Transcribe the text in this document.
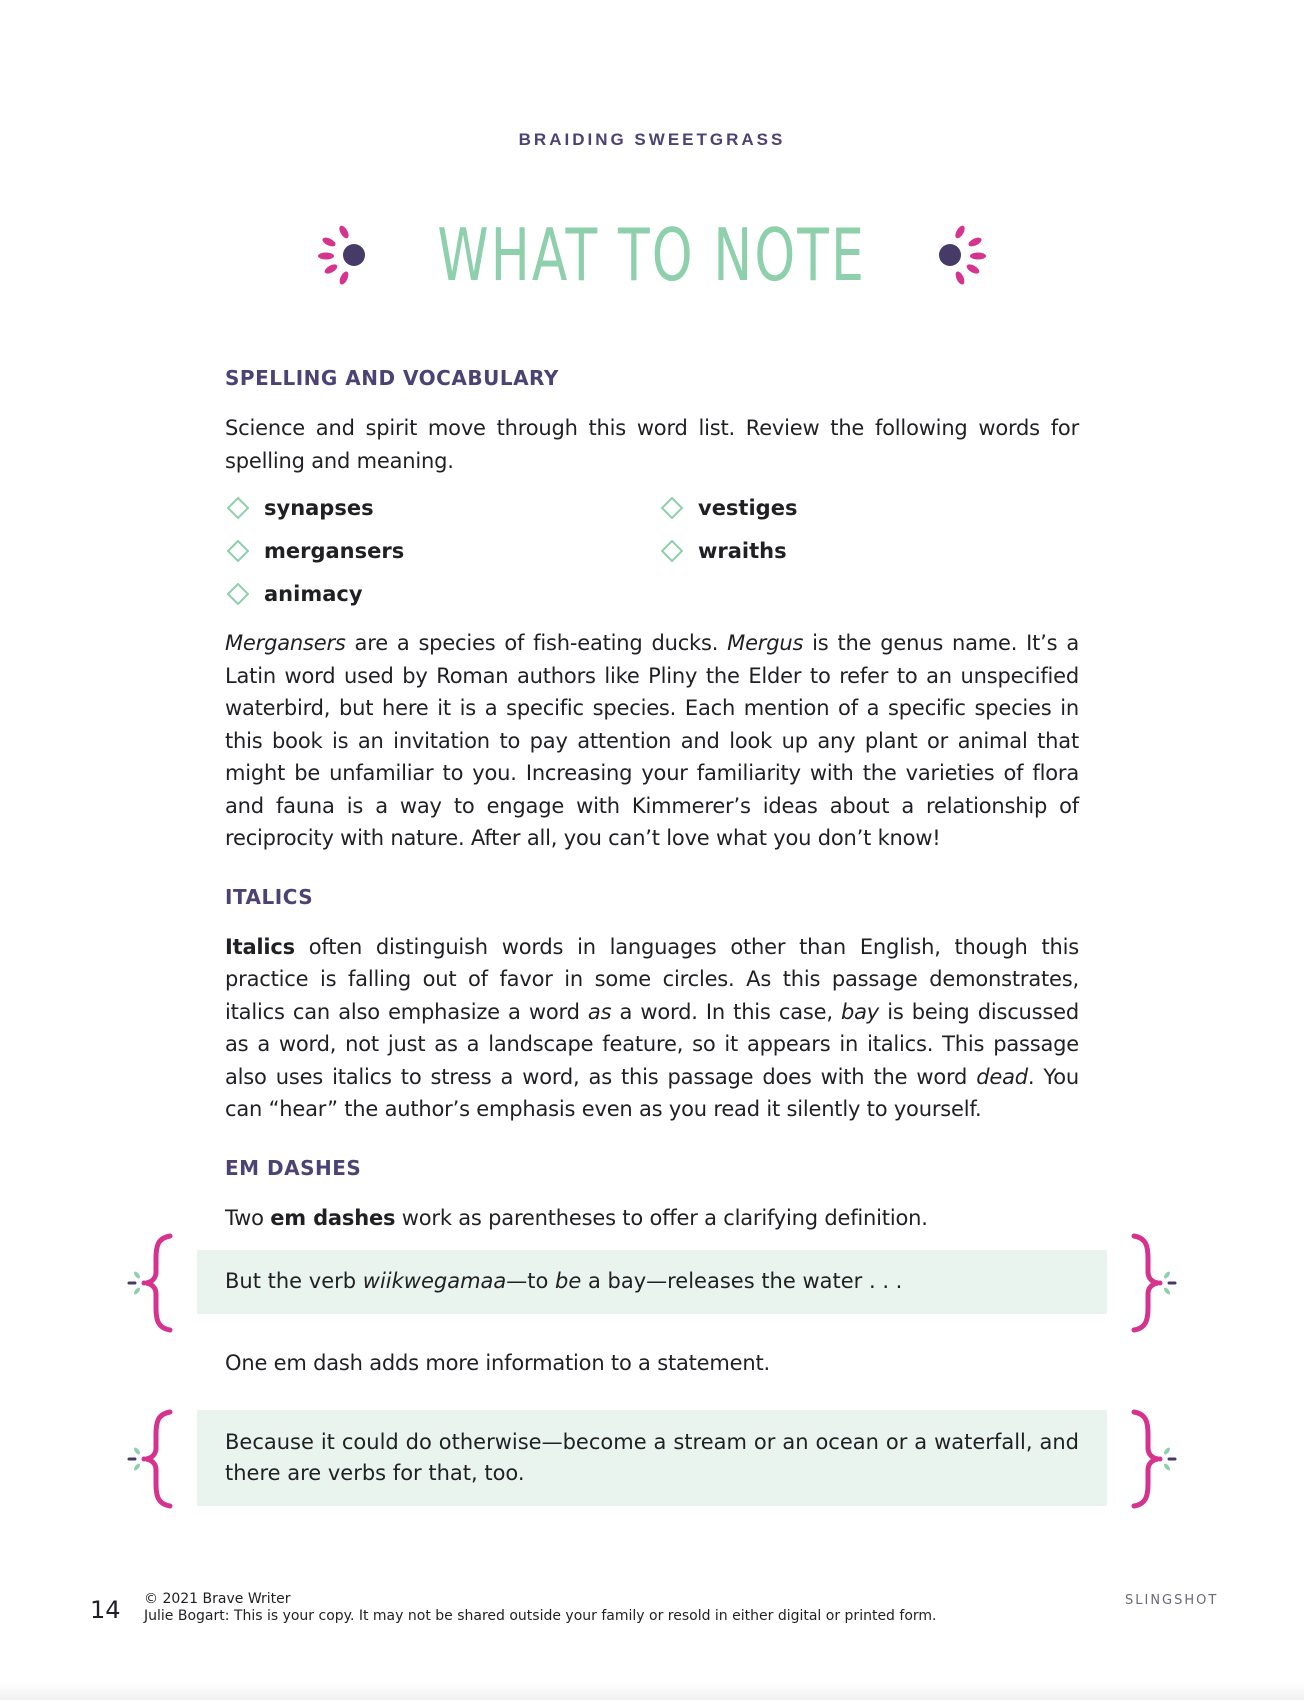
BRAIDING SWEETGRASS
WHAT TO NOTE
SPELLING AND VOCABULARY

Science and spirit move through this word list. Review the following words for spelling and meaning.

synapses	vestiges
mergansers	wraiths
animacy

Mergansers are a species of fish-eating ducks. Mergus is the genus name. It’s a Latin word used by Roman authors like Pliny the Elder to refer to an unspecified waterbird, but here it is a specific species. Each mention of a specific species in this book is an invitation to pay attention and look up any plant or animal that might be unfamiliar to you. Increasing your familiarity with the varieties of flora and fauna is a way to engage with Kimmerer’s ideas about a relationship of reciprocity with nature. After all, you can’t love what you don’t know!

ITALICS

Italics often distinguish words in languages other than English, though this practice is falling out of favor in some circles. As this passage demonstrates, italics can also emphasize a word as a word. In this case, bay is being discussed as a word, not just as a landscape feature, so it appears in italics. This passage also uses italics to stress a word, as this passage does with the word dead. You can “hear” the author’s emphasis even as you read it silently to yourself.

EM DASHES

Two em dashes work as parentheses to offer a clarifying definition.

But the verb wiikwegamaa—to be a bay—releases the water . . .

One em dash adds more information to a statement.

Because it could do otherwise—become a stream or an ocean or a waterfall, and there are verbs for that, too.

14 © 2021 Brave Writer
Julie Bogart: This is your copy. It may not be shared outside your family or resold in either digital or printed form.
SLINGSHOT
